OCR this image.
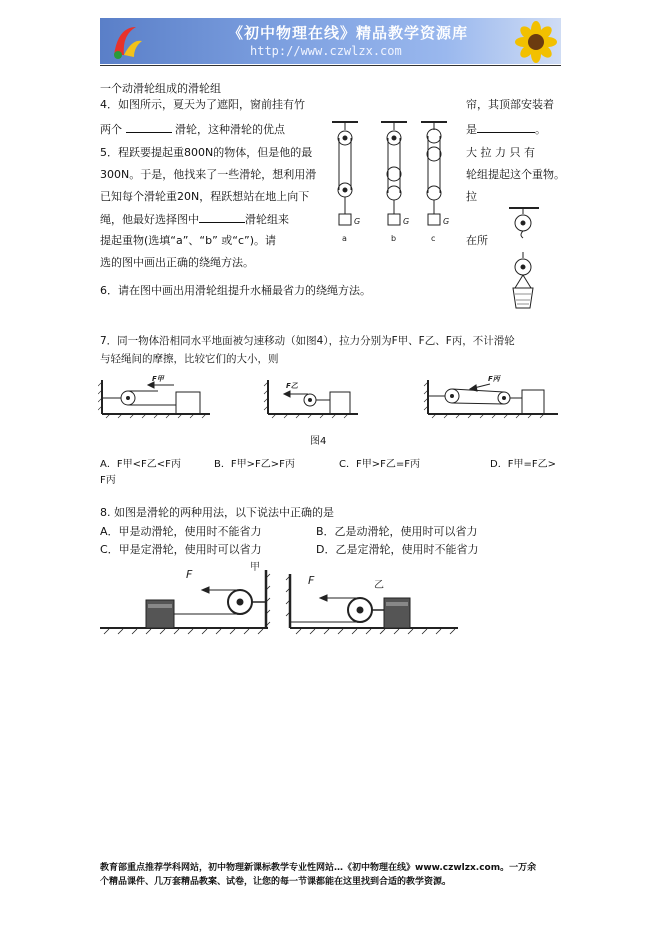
《初中物理在线》精品教学资源库
http://www.czwlzx.com
一个动滑轮组成的滑轮组
4．如图所示，夏天为了遮阳，窗前挂有竹	帘，其顶部安装着
两个	滑轮，这种滑轮的优点	是	。
5．程跃要提起重800N的物体，但是他的最	大 拉 力 只 有
300N。于是，他找来了一些滑轮，想利用滑	轮组提起这个重物。
已知每个滑轮重20N，程跃想站在地上向下	拉
绳，他最好选择图中	滑轮组来
提起重物(选填“a”、“b” 或“c”)。请	在所
选的图中画出正确的绕绳方法。
G	G	G
a	b	c
6．请在图中画出用滑轮组提升水桶最省力的绕绳方法。
7．同一物体沿相同水平地面被匀速移动（如图4），拉力分别为F甲、F乙、F丙，不计滑轮
与轻绳间的摩擦，比较它们的大小，则
F甲
F乙
F丙
图4
A．F甲<F乙<F丙	B．F甲>F乙>F丙	C．F甲>F乙=F丙	D．F甲=F乙>
F丙
8. 如图是滑轮的两种用法，以下说法中正确的是
A．甲是动滑轮，使用时不能省力	B．乙是动滑轮，使用时可以省力
C．甲是定滑轮，使用时可以省力	D．乙是定滑轮，使用时不能省力
F	F
甲
乙
教育部重点推荐学科网站，初中物理新课标教学专业性网站…《初中物理在线》www.czwlzx.com。一万余
个精品课件、几万套精品教案、试卷，让您的每一节课都能在这里找到合适的教学资源。
